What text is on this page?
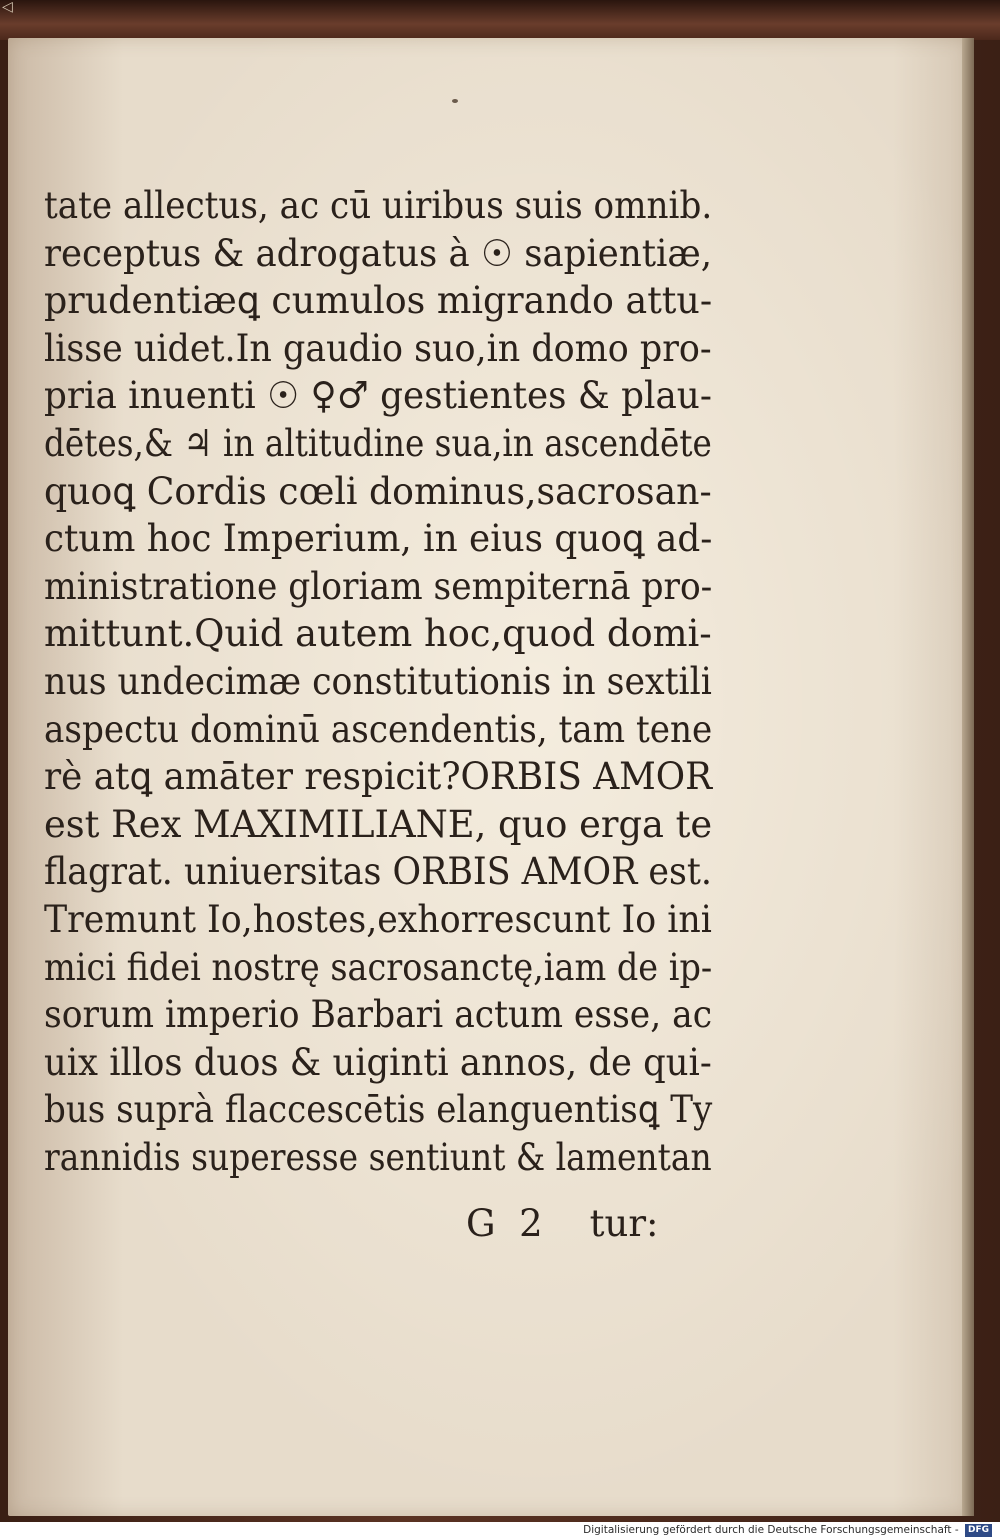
◁
tate allectus, ac cū uiribus suis omnib.
receptus & adrogatus à ☉ sapientiæ,
prudentiæꝗ cumulos migrando attu-
lisse uidet.In gaudio suo,in domo pro-
pria inuenti ☉ ♀♂ gestientes & plau-
dētes,& ♃ in altitudine sua,in ascendēte
quoꝗ Cordis cœli dominus,sacrosan-
ctum hoc Imperium, in eius quoꝗ ad-
ministratione gloriam sempiternā pro-
mittunt.Quid autem hoc,quod domi-
nus undecimæ constitutionis in sextili
aspectu dominū ascendentis, tam tene
rè atꝗ amāter respicit?ORBIS AMOR
est Rex MAXIMILIANE, quo erga te
flagrat. uniuersitas ORBIS AMOR est.
Tremunt Io,hostes,exhorrescunt Io ini
mici fidei nostrę sacrosanctę,iam de ip-
sorum imperio Barbari actum esse, ac
uix illos duos & uiginti annos, de qui-
bus suprà flaccescētis elanguentisꝗ Ty
rannidis superesse sentiunt & lamentan
G  2    tur:
Digitalisierung gefördert durch die Deutsche Forschungsgemeinschaft - DFG
